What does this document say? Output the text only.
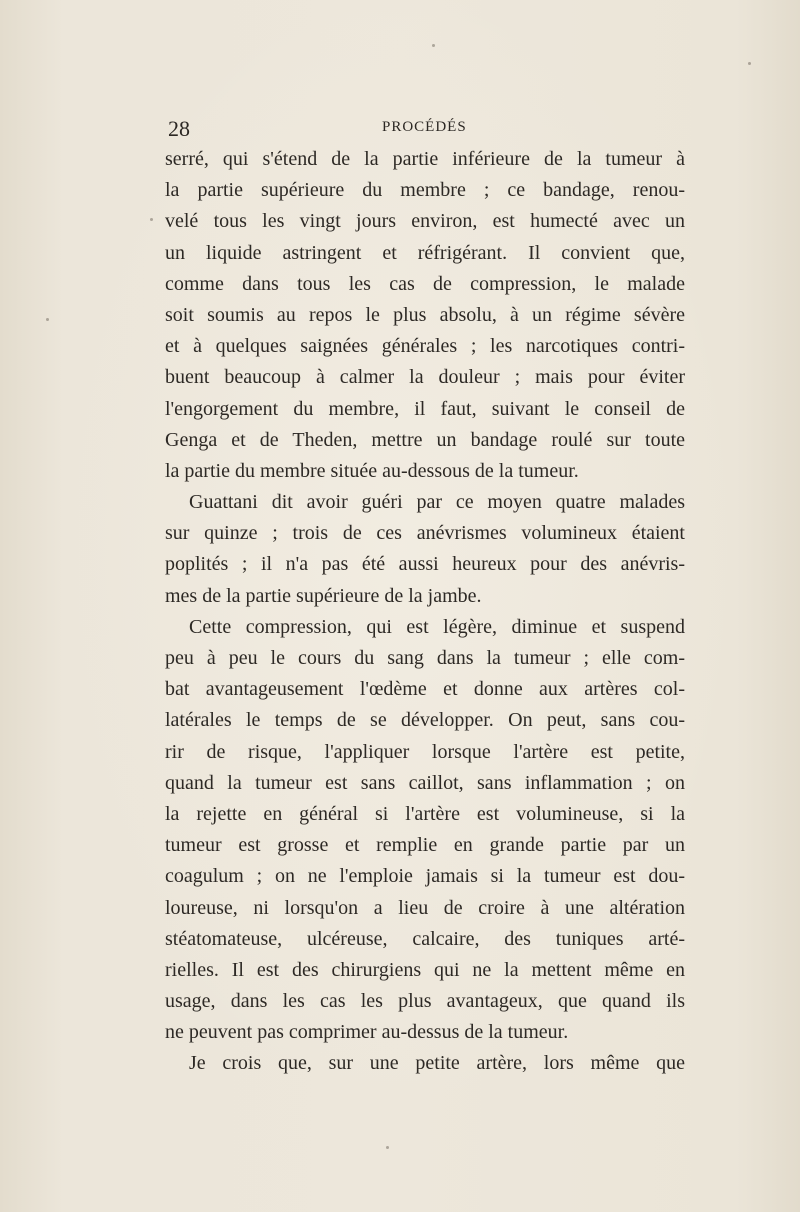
28	PROCÉDÉS
serré, qui s'étend de la partie inférieure de la tumeur à
la partie supérieure du membre ; ce bandage, renou-
velé tous les vingt jours environ, est humecté avec un
un liquide astringent et réfrigérant. Il convient que,
comme dans tous les cas de compression, le malade
soit soumis au repos le plus absolu, à un régime sévère
et à quelques saignées générales ; les narcotiques contri-
buent beaucoup à calmer la douleur ; mais pour éviter
l'engorgement du membre, il faut, suivant le conseil de
Genga et de Theden, mettre un bandage roulé sur toute
la partie du membre située au-dessous de la tumeur.
Guattani dit avoir guéri par ce moyen quatre malades
sur quinze ; trois de ces anévrismes volumineux étaient
poplités ; il n'a pas été aussi heureux pour des anévris-
mes de la partie supérieure de la jambe.
Cette compression, qui est légère, diminue et suspend
peu à peu le cours du sang dans la tumeur ; elle com-
bat avantageusement l'œdème et donne aux artères col-
latérales le temps de se développer. On peut, sans cou-
rir de risque, l'appliquer lorsque l'artère est petite,
quand la tumeur est sans caillot, sans inflammation ; on
la rejette en général si l'artère est volumineuse, si la
tumeur est grosse et remplie en grande partie par un
coagulum ; on ne l'emploie jamais si la tumeur est dou-
loureuse, ni lorsqu'on a lieu de croire à une altération
stéatomateuse, ulcéreuse, calcaire, des tuniques arté-
rielles. Il est des chirurgiens qui ne la mettent même en
usage, dans les cas les plus avantageux, que quand ils
ne peuvent pas comprimer au-dessus de la tumeur.
Je crois que, sur une petite artère, lors même que
